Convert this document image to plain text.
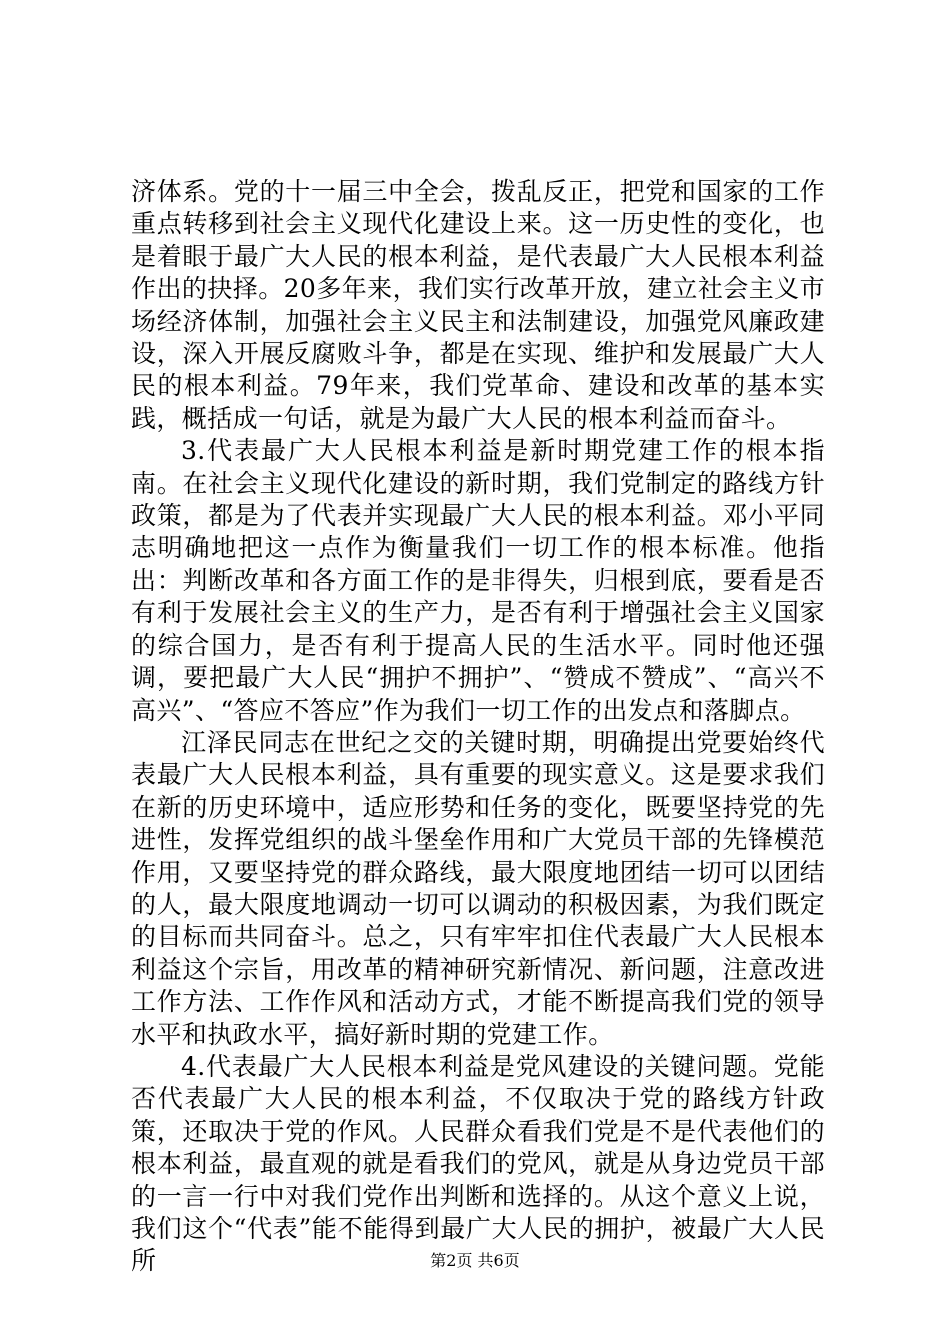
济体系。党的十一届三中全会，拨乱反正，把党和国家的工作重点转移到社会主义现代化建设上来。这一历史性的变化，也是着眼于最广大人民的根本利益，是代表最广大人民根本利益作出的抉择。20多年来，我们实行改革开放，建立社会主义市场经济体制，加强社会主义民主和法制建设，加强党风廉政建设，深入开展反腐败斗争，都是在实现、维护和发展最广大人民的根本利益。79年来，我们党革命、建设和改革的基本实践，概括成一句话，就是为最广大人民的根本利益而奋斗。

3.代表最广大人民根本利益是新时期党建工作的根本指南。在社会主义现代化建设的新时期，我们党制定的路线方针政策，都是为了代表并实现最广大人民的根本利益。邓小平同志明确地把这一点作为衡量我们一切工作的根本标准。他指出：判断改革和各方面工作的是非得失，归根到底，要看是否有利于发展社会主义的生产力，是否有利于增强社会主义国家的综合国力，是否有利于提高人民的生活水平。同时他还强调，要把最广大人民“拥护不拥护”、“赞成不赞成”、“高兴不高兴”、“答应不答应”作为我们一切工作的出发点和落脚点。

江泽民同志在世纪之交的关键时期，明确提出党要始终代表最广大人民根本利益，具有重要的现实意义。这是要求我们在新的历史环境中，适应形势和任务的变化，既要坚持党的先进性，发挥党组织的战斗堡垒作用和广大党员干部的先锋模范作用，又要坚持党的群众路线，最大限度地团结一切可以团结的人，最大限度地调动一切可以调动的积极因素，为我们既定的目标而共同奋斗。总之，只有牢牢扣住代表最广大人民根本利益这个宗旨，用改革的精神研究新情况、新问题，注意改进工作方法、工作作风和活动方式，才能不断提高我们党的领导水平和执政水平，搞好新时期的党建工作。

4.代表最广大人民根本利益是党风建设的关键问题。党能否代表最广大人民的根本利益，不仅取决于党的路线方针政策，还取决于党的作风。人民群众看我们党是不是代表他们的根本利益，最直观的就是看我们的党风，就是从身边党员干部的一言一行中对我们党作出判断和选择的。从这个意义上说，我们这个“代表”能不能得到最广大人民的拥护，被最广大人民所	第2页 共6页
